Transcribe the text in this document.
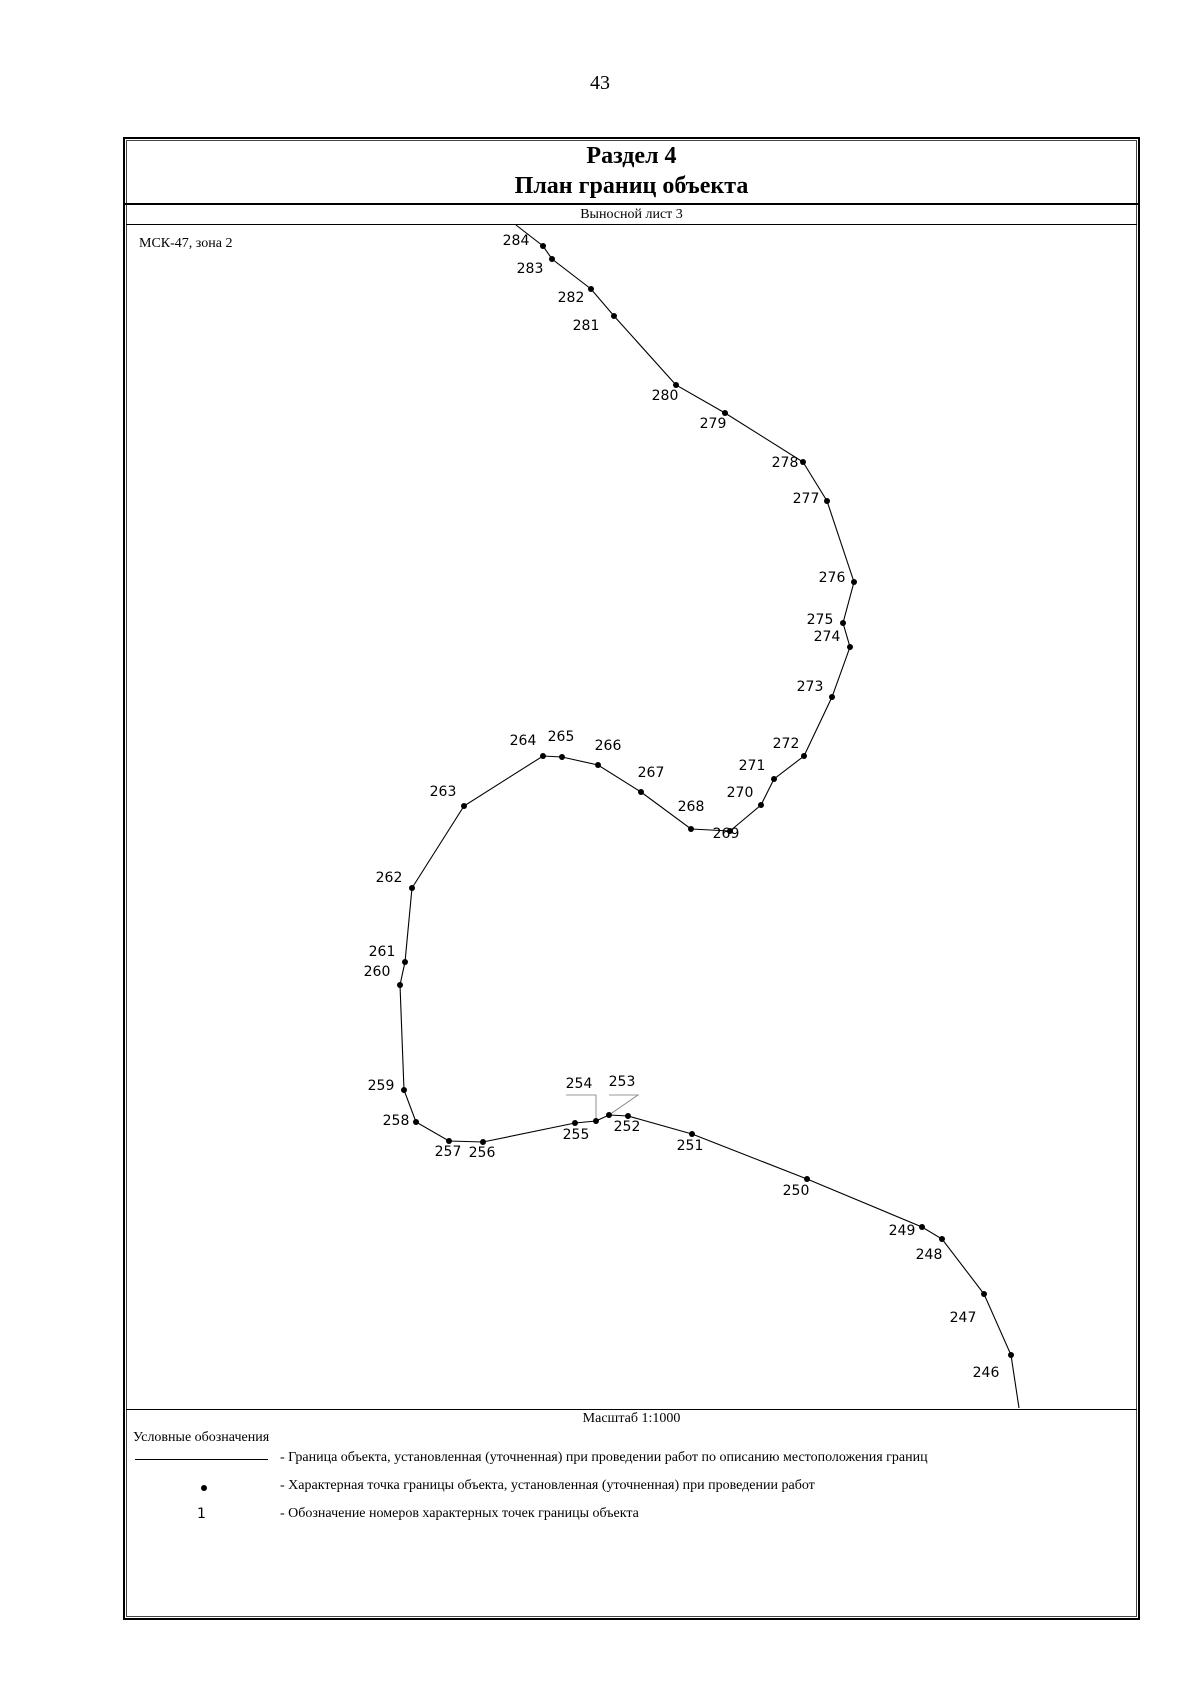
43
Раздел 4
План границ объекта
Выносной лист 3
МСК-47, зона 2	284
283
282
281
280
279
278
277
276
275
274
273
272
271
270
269
268
267
266
265
264
263
262
261
260
259
258
257 256
255
254 253
252
251
250
249
248
247
246
Масштаб 1:1000
Условные обозначения
- Граница объекта, установленная (уточненная) при проведении работ по описанию местоположения границ
- Характерная точка границы объекта, установленная (уточненная) при проведении работ
1	- Обозначение номеров характерных точек границы объекта
